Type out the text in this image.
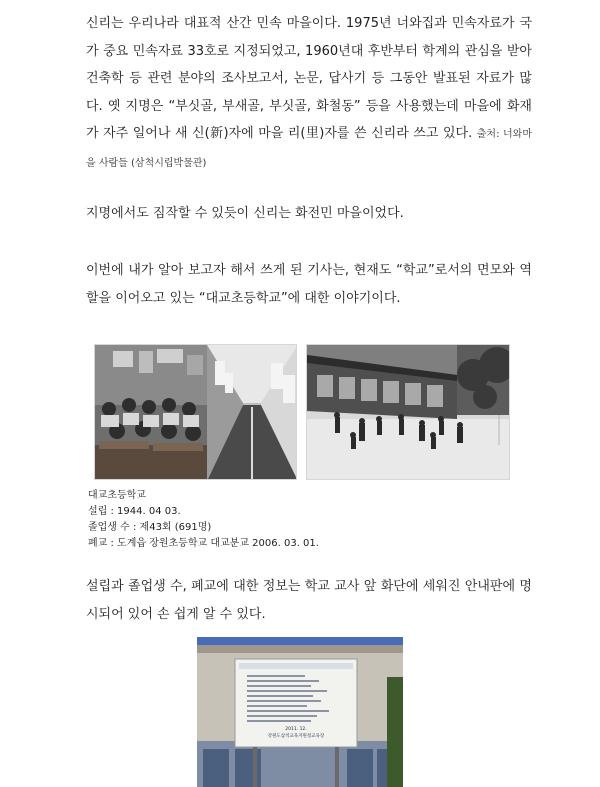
신리는 우리나라 대표적 산간 민속 마을이다. 1975년 너와집과 민속자료가 국가 중요 민속자료 33호로 지정되었고, 1960년대 후반부터 학계의 관심을 받아 건축학 등 관련 분야의 조사보고서, 논문, 답사기 등 그동안 발표된 자료가 많다. 옛 지명은 “부싯골, 부새골, 부싯골, 화철동” 등을 사용했는데 마을에 화재가 자주 일어나 새 신(新)자에 마을 리(里)자를 쓴 신리라 쓰고 있다. 출처: 너와마을 사람들 (삼척시립박물관)

지명에서도 짐작할 수 있듯이 신리는 화전민 마을이었다.

이번에 내가 알아 보고자 해서 쓰게 된 기사는, 현재도 “학교”로서의 면모와 역할을 이어오고 있는 “대교초등학교”에 대한 이야기이다.

대교초등학교
설립 : 1944. 04 03.
졸업생 수 : 제43회 (691명)
폐교 : 도계읍 장원초등학교 대교분교 2006. 03. 01.

설립과 졸업생 수, 폐교에 대한 정보는 학교 교사 앞 화단에 세워진 안내판에 명시되어 있어 손 쉽게 알 수 있다.

2011. 12.
강원도삼척교육지원청교육장
